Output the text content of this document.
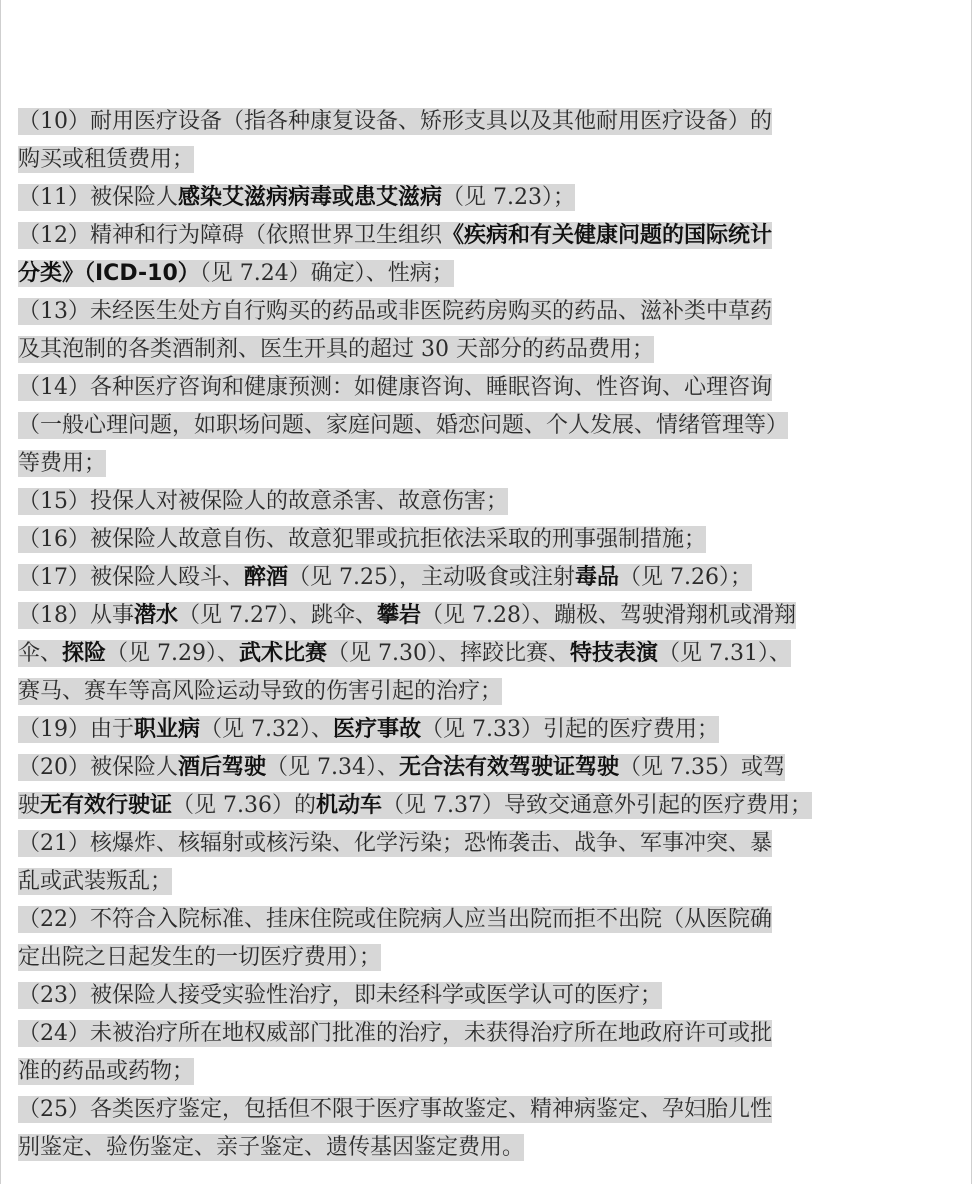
（10）耐用医疗设备（指各种康复设备、矫形支具以及其他耐用医疗设备）的
购买或租赁费用；
（11）被保险人感染艾滋病病毒或患艾滋病（见 7.23）；
（12）精神和行为障碍（依照世界卫生组织《疾病和有关健康问题的国际统计
分类》（ICD-10）（见 7.24）确定）、性病；
（13）未经医生处方自行购买的药品或非医院药房购买的药品、滋补类中草药
及其泡制的各类酒制剂、医生开具的超过 30 天部分的药品费用；
（14）各种医疗咨询和健康预测：如健康咨询、睡眠咨询、性咨询、心理咨询
（一般心理问题，如职场问题、家庭问题、婚恋问题、个人发展、情绪管理等）
等费用；
（15）投保人对被保险人的故意杀害、故意伤害；
（16）被保险人故意自伤、故意犯罪或抗拒依法采取的刑事强制措施；
（17）被保险人殴斗、醉酒（见 7.25），主动吸食或注射毒品（见 7.26）；
（18）从事潜水（见 7.27）、跳伞、攀岩（见 7.28）、蹦极、驾驶滑翔机或滑翔
伞、探险（见 7.29）、武术比赛（见 7.30）、摔跤比赛、特技表演（见 7.31）、
赛马、赛车等高风险运动导致的伤害引起的治疗；
（19）由于职业病（见 7.32）、医疗事故（见 7.33）引起的医疗费用；
（20）被保险人酒后驾驶（见 7.34）、无合法有效驾驶证驾驶（见 7.35）或驾
驶无有效行驶证（见 7.36）的机动车（见 7.37）导致交通意外引起的医疗费用；
（21）核爆炸、核辐射或核污染、化学污染；恐怖袭击、战争、军事冲突、暴
乱或武装叛乱；
（22）不符合入院标准、挂床住院或住院病人应当出院而拒不出院（从医院确
定出院之日起发生的一切医疗费用）；
（23）被保险人接受实验性治疗，即未经科学或医学认可的医疗；
（24）未被治疗所在地权威部门批准的治疗，未获得治疗所在地政府许可或批
准的药品或药物；
（25）各类医疗鉴定，包括但不限于医疗事故鉴定、精神病鉴定、孕妇胎儿性
别鉴定、验伤鉴定、亲子鉴定、遗传基因鉴定费用。
